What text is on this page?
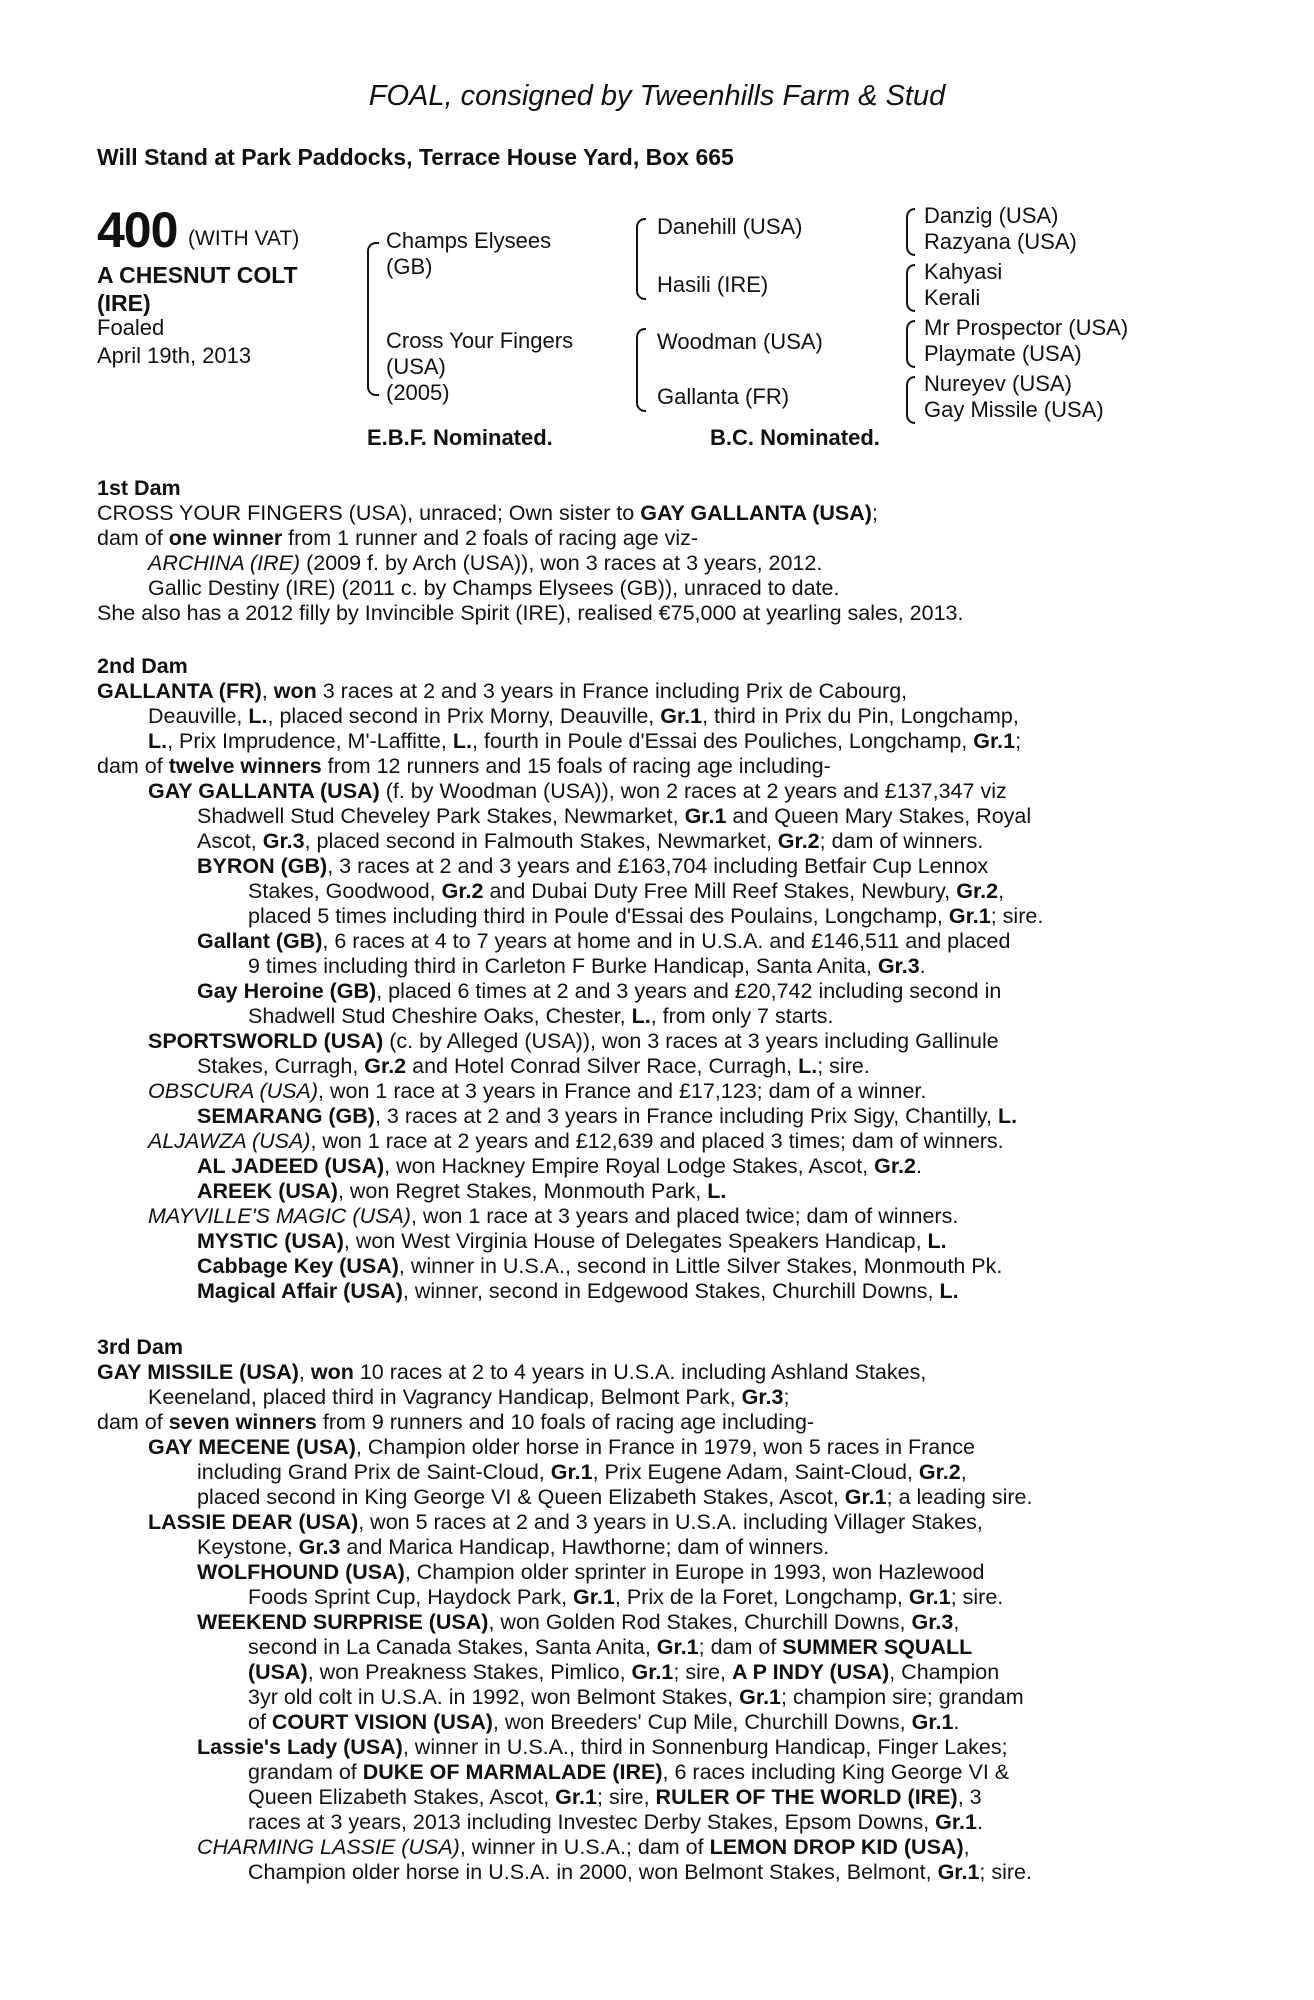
FOAL, consigned by Tweenhills Farm & Stud
Will Stand at Park Paddocks, Terrace House Yard, Box 665
400 (WITH VAT)
A CHESNUT COLT
(IRE)
Foaled
April 19th, 2013
Champs Elysees
(GB)
Cross Your Fingers
(USA)
(2005)
Danehill (USA)
Hasili (IRE)
Woodman (USA)
Gallanta (FR)
Danzig (USA)
Razyana (USA)
Kahyasi
Kerali
Mr Prospector (USA)
Playmate (USA)
Nureyev (USA)
Gay Missile (USA)
E.B.F. Nominated.	B.C. Nominated.
1st Dam
CROSS YOUR FINGERS (USA), unraced; Own sister to GAY GALLANTA (USA);
dam of one winner from 1 runner and 2 foals of racing age viz-
ARCHINA (IRE) (2009 f. by Arch (USA)), won 3 races at 3 years, 2012.
Gallic Destiny (IRE) (2011 c. by Champs Elysees (GB)), unraced to date.
She also has a 2012 filly by Invincible Spirit (IRE), realised €75,000 at yearling sales, 2013.
2nd Dam
GALLANTA (FR), won 3 races at 2 and 3 years in France including Prix de Cabourg,
Deauville, L., placed second in Prix Morny, Deauville, Gr.1, third in Prix du Pin, Longchamp,
L., Prix Imprudence, M'-Laffitte, L., fourth in Poule d'Essai des Pouliches, Longchamp, Gr.1;
dam of twelve winners from 12 runners and 15 foals of racing age including-
GAY GALLANTA (USA) (f. by Woodman (USA)), won 2 races at 2 years and £137,347 viz
Shadwell Stud Cheveley Park Stakes, Newmarket, Gr.1 and Queen Mary Stakes, Royal
Ascot, Gr.3, placed second in Falmouth Stakes, Newmarket, Gr.2; dam of winners.
BYRON (GB), 3 races at 2 and 3 years and £163,704 including Betfair Cup Lennox
Stakes, Goodwood, Gr.2 and Dubai Duty Free Mill Reef Stakes, Newbury, Gr.2,
placed 5 times including third in Poule d'Essai des Poulains, Longchamp, Gr.1; sire.
Gallant (GB), 6 races at 4 to 7 years at home and in U.S.A. and £146,511 and placed
9 times including third in Carleton F Burke Handicap, Santa Anita, Gr.3.
Gay Heroine (GB), placed 6 times at 2 and 3 years and £20,742 including second in
Shadwell Stud Cheshire Oaks, Chester, L., from only 7 starts.
SPORTSWORLD (USA) (c. by Alleged (USA)), won 3 races at 3 years including Gallinule
Stakes, Curragh, Gr.2 and Hotel Conrad Silver Race, Curragh, L.; sire.
OBSCURA (USA), won 1 race at 3 years in France and £17,123; dam of a winner.
SEMARANG (GB), 3 races at 2 and 3 years in France including Prix Sigy, Chantilly, L.
ALJAWZA (USA), won 1 race at 2 years and £12,639 and placed 3 times; dam of winners.
AL JADEED (USA), won Hackney Empire Royal Lodge Stakes, Ascot, Gr.2.
AREEK (USA), won Regret Stakes, Monmouth Park, L.
MAYVILLE'S MAGIC (USA), won 1 race at 3 years and placed twice; dam of winners.
MYSTIC (USA), won West Virginia House of Delegates Speakers Handicap, L.
Cabbage Key (USA), winner in U.S.A., second in Little Silver Stakes, Monmouth Pk.
Magical Affair (USA), winner, second in Edgewood Stakes, Churchill Downs, L.
3rd Dam
GAY MISSILE (USA), won 10 races at 2 to 4 years in U.S.A. including Ashland Stakes,
Keeneland, placed third in Vagrancy Handicap, Belmont Park, Gr.3;
dam of seven winners from 9 runners and 10 foals of racing age including-
GAY MECENE (USA), Champion older horse in France in 1979, won 5 races in France
including Grand Prix de Saint-Cloud, Gr.1, Prix Eugene Adam, Saint-Cloud, Gr.2,
placed second in King George VI & Queen Elizabeth Stakes, Ascot, Gr.1; a leading sire.
LASSIE DEAR (USA), won 5 races at 2 and 3 years in U.S.A. including Villager Stakes,
Keystone, Gr.3 and Marica Handicap, Hawthorne; dam of winners.
WOLFHOUND (USA), Champion older sprinter in Europe in 1993, won Hazlewood
Foods Sprint Cup, Haydock Park, Gr.1, Prix de la Foret, Longchamp, Gr.1; sire.
WEEKEND SURPRISE (USA), won Golden Rod Stakes, Churchill Downs, Gr.3,
second in La Canada Stakes, Santa Anita, Gr.1; dam of SUMMER SQUALL
(USA), won Preakness Stakes, Pimlico, Gr.1; sire, A P INDY (USA), Champion
3yr old colt in U.S.A. in 1992, won Belmont Stakes, Gr.1; champion sire; grandam
of COURT VISION (USA), won Breeders' Cup Mile, Churchill Downs, Gr.1.
Lassie's Lady (USA), winner in U.S.A., third in Sonnenburg Handicap, Finger Lakes;
grandam of DUKE OF MARMALADE (IRE), 6 races including King George VI &
Queen Elizabeth Stakes, Ascot, Gr.1; sire, RULER OF THE WORLD (IRE), 3
races at 3 years, 2013 including Investec Derby Stakes, Epsom Downs, Gr.1.
CHARMING LASSIE (USA), winner in U.S.A.; dam of LEMON DROP KID (USA),
Champion older horse in U.S.A. in 2000, won Belmont Stakes, Belmont, Gr.1; sire.
